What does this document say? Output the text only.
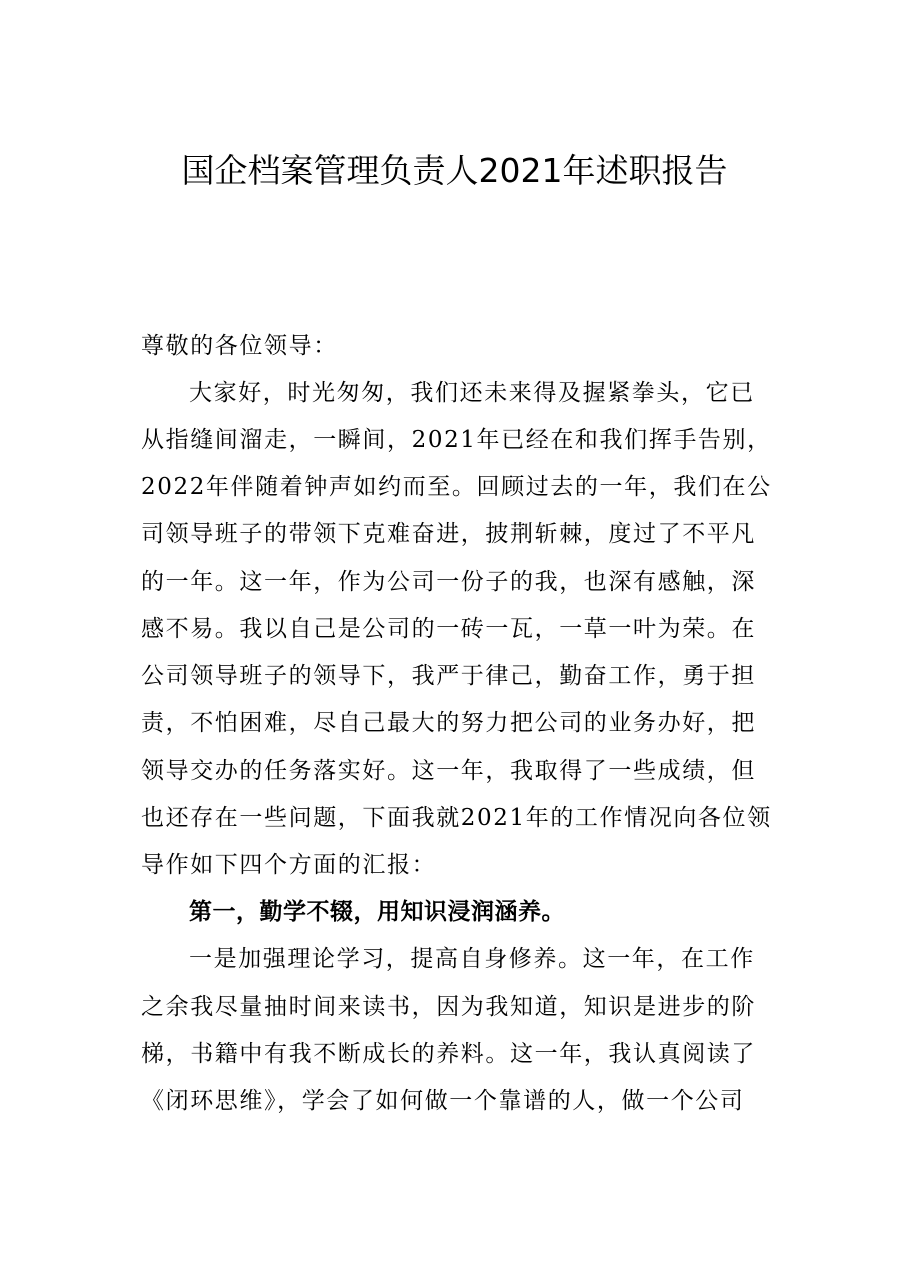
国企档案管理负责人2021年述职报告
尊敬的各位领导：
大家好，时光匆匆，我们还未来得及握紧拳头，它已
从指缝间溜走，一瞬间，2021年已经在和我们挥手告别，
2022年伴随着钟声如约而至。回顾过去的一年，我们在公
司领导班子的带领下克难奋进，披荆斩棘，度过了不平凡
的一年。这一年，作为公司一份子的我，也深有感触，深
感不易。我以自己是公司的一砖一瓦，一草一叶为荣。在
公司领导班子的领导下，我严于律己，勤奋工作，勇于担
责，不怕困难，尽自己最大的努力把公司的业务办好，把
领导交办的任务落实好。这一年，我取得了一些成绩，但
也还存在一些问题，下面我就2021年的工作情况向各位领
导作如下四个方面的汇报：
第一，勤学不辍，用知识浸润涵养。
一是加强理论学习，提高自身修养。这一年，在工作
之余我尽量抽时间来读书，因为我知道，知识是进步的阶
梯，书籍中有我不断成长的养料。这一年，我认真阅读了
《闭环思维》，学会了如何做一个靠谱的人，做一个公司
